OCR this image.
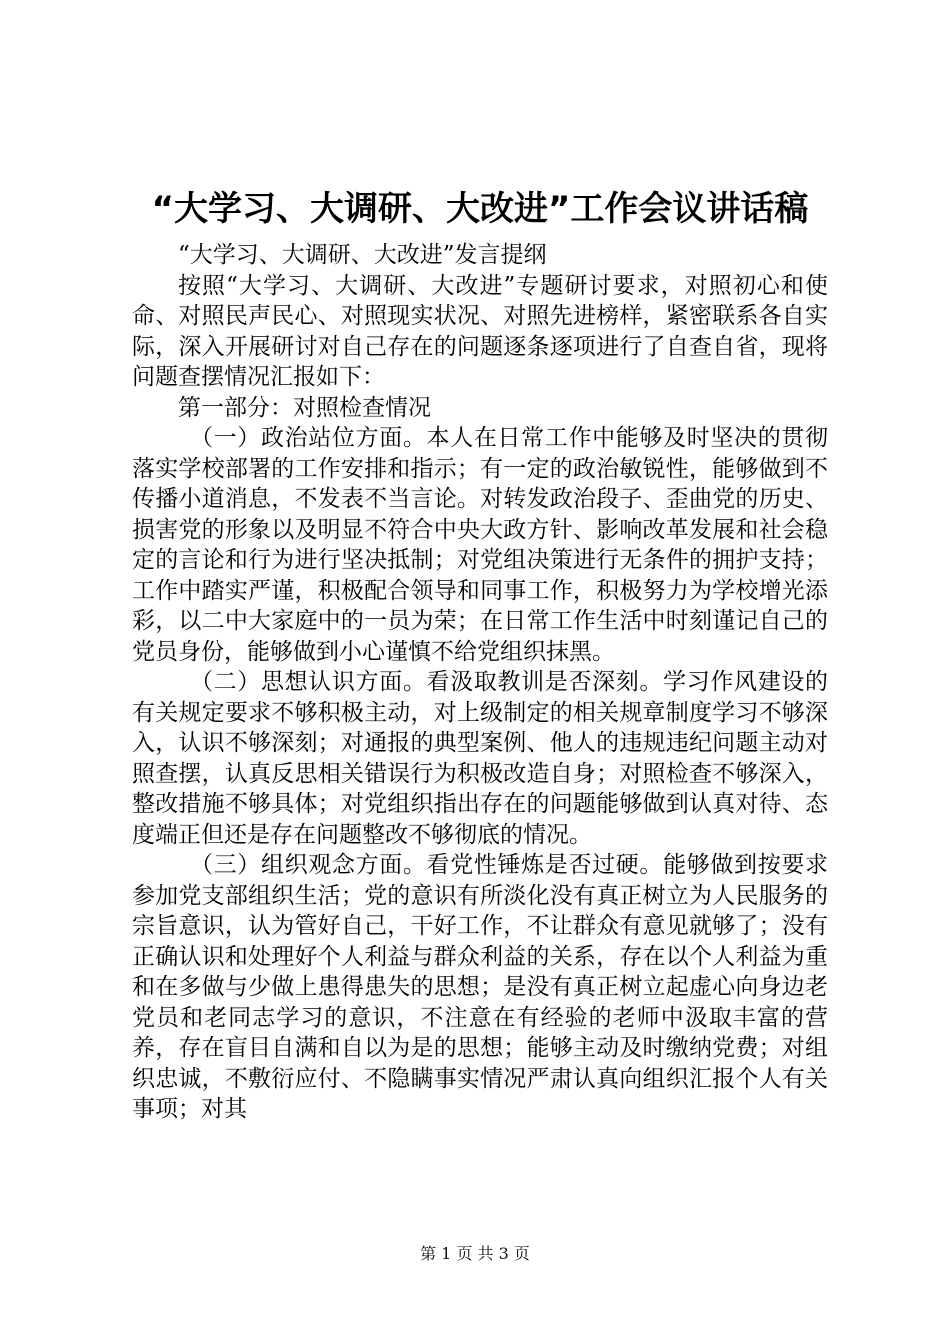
“大学习、大调研、大改进”工作会议讲话稿

“大学习、大调研、大改进”发言提纲

按照“大学习、大调研、大改进”专题研讨要求，对照初心和使命、对照民声民心、对照现实状况、对照先进榜样，紧密联系各自实际，深入开展研讨对自己存在的问题逐条逐项进行了自查自省，现将问题查摆情况汇报如下：

第一部分：对照检查情况

（一）政治站位方面。本人在日常工作中能够及时坚决的贯彻落实学校部署的工作安排和指示；有一定的政治敏锐性，能够做到不传播小道消息，不发表不当言论。对转发政治段子、歪曲党的历史、损害党的形象以及明显不符合中央大政方针、影响改革发展和社会稳定的言论和行为进行坚决抵制；对党组决策进行无条件的拥护支持；工作中踏实严谨，积极配合领导和同事工作，积极努力为学校增光添彩，以二中大家庭中的一员为荣；在日常工作生活中时刻谨记自己的党员身份，能够做到小心谨慎不给党组织抹黑。

（二）思想认识方面。看汲取教训是否深刻。学习作风建设的有关规定要求不够积极主动，对上级制定的相关规章制度学习不够深入，认识不够深刻；对通报的典型案例、他人的违规违纪问题主动对照查摆，认真反思相关错误行为积极改造自身；对照检查不够深入，整改措施不够具体；对党组织指出存在的问题能够做到认真对待、态度端正但还是存在问题整改不够彻底的情况。

（三）组织观念方面。看党性锤炼是否过硬。能够做到按要求参加党支部组织生活；党的意识有所淡化没有真正树立为人民服务的宗旨意识，认为管好自己，干好工作，不让群众有意见就够了；没有正确认识和处理好个人利益与群众利益的关系，存在以个人利益为重和在多做与少做上患得患失的思想；是没有真正树立起虚心向身边老党员和老同志学习的意识，不注意在有经验的老师中汲取丰富的营养，存在盲目自满和自以为是的思想；能够主动及时缴纳党费；对组织忠诚，不敷衍应付、不隐瞒事实情况严肃认真向组织汇报个人有关事项；对其

第 1 页 共 3 页
